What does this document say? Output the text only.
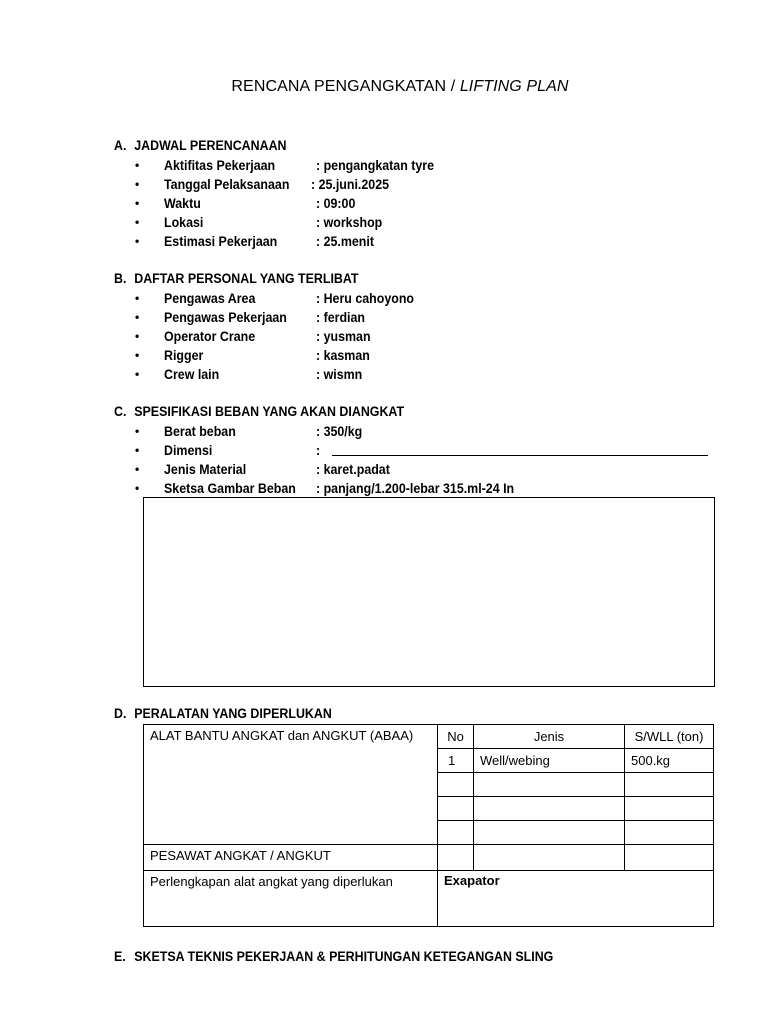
RENCANA PENGANGKATAN / LIFTING PLAN
A. JADWAL PERENCANAAN
• Aktifitas Pekerjaan	: pengangkatan tyre
• Tanggal Pelaksanaan : 25.juni.2025
• Waktu	: 09:00
• Lokasi	: workshop
• Estimasi Pekerjaan	: 25.menit
B. DAFTAR PERSONAL YANG TERLIBAT
• Pengawas Area	: Heru cahoyono
• Pengawas Pekerjaan : ferdian
• Operator Crane	: yusman
• Rigger	: kasman
• Crew lain	: wismn
C. SPESIFIKASI BEBAN YANG AKAN DIANGKAT
• Berat beban	: 350/kg
• Dimensi	:
• Jenis Material	: karet.padat
• Sketsa Gambar Beban : panjang/1.200-lebar 315.ml-24 In
D. PERALATAN YANG DIPERLUKAN
ALAT BANTU ANGKAT dan ANGKUT (ABAA)	No	Jenis	S/WLL (ton)
	1	Well/webing	500.kg

PESAWAT ANGKAT / ANGKUT			
Perlengkapan alat angkat yang diperlukan	Exapator		
E. SKETSA TEKNIS PEKERJAAN & PERHITUNGAN KETEGANGAN SLING
